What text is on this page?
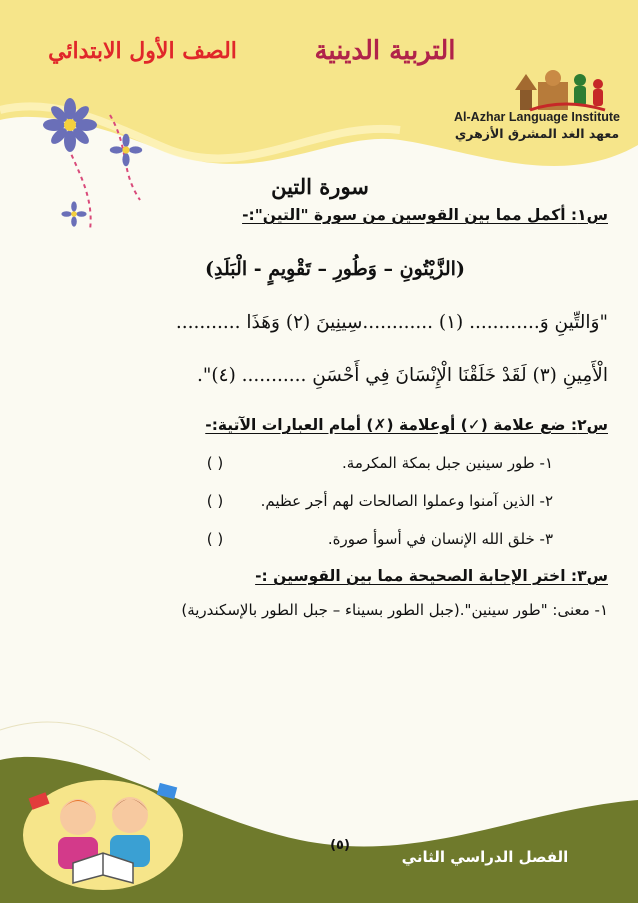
التربية الدينية
الصف الأول الابتدائي
Al-Azhar Language Institute
معهد الغد المشرق الأزهري
سورة التين
س١: أكمل مما بين القوسين من سورة "التين":-
(الزَّيْتُونِ – وَطُورِ – تَقْوِيمٍ - الْبَلَدِ)
"وَالتِّينِ وَ............ (١) ............سِينِينَ (٢) وَهَذَا ...........
الْأَمِينِ (٣) لَقَدْ خَلَقْنَا الْإِنْسَانَ فِي أَحْسَنِ ........... (٤)".
س٢: ضع علامة (✓) أوعلامة (✗) أمام العبارات الآتية:-
١- طور سينين جبل بمكة المكرمة.
( )
٢- الذين آمنوا وعملوا الصالحات لهم أجر عظيم.
( )
٣- خلق الله الإنسان في أسوأ صورة.
( )
س٣: اختر الإجابة الصحيحة مما بين القوسين :-
١- معنى: "طور سينين".(جبل الطور بسيناء – جبل الطور بالإسكندرية)
(٥)
الفصل الدراسي الثاني
